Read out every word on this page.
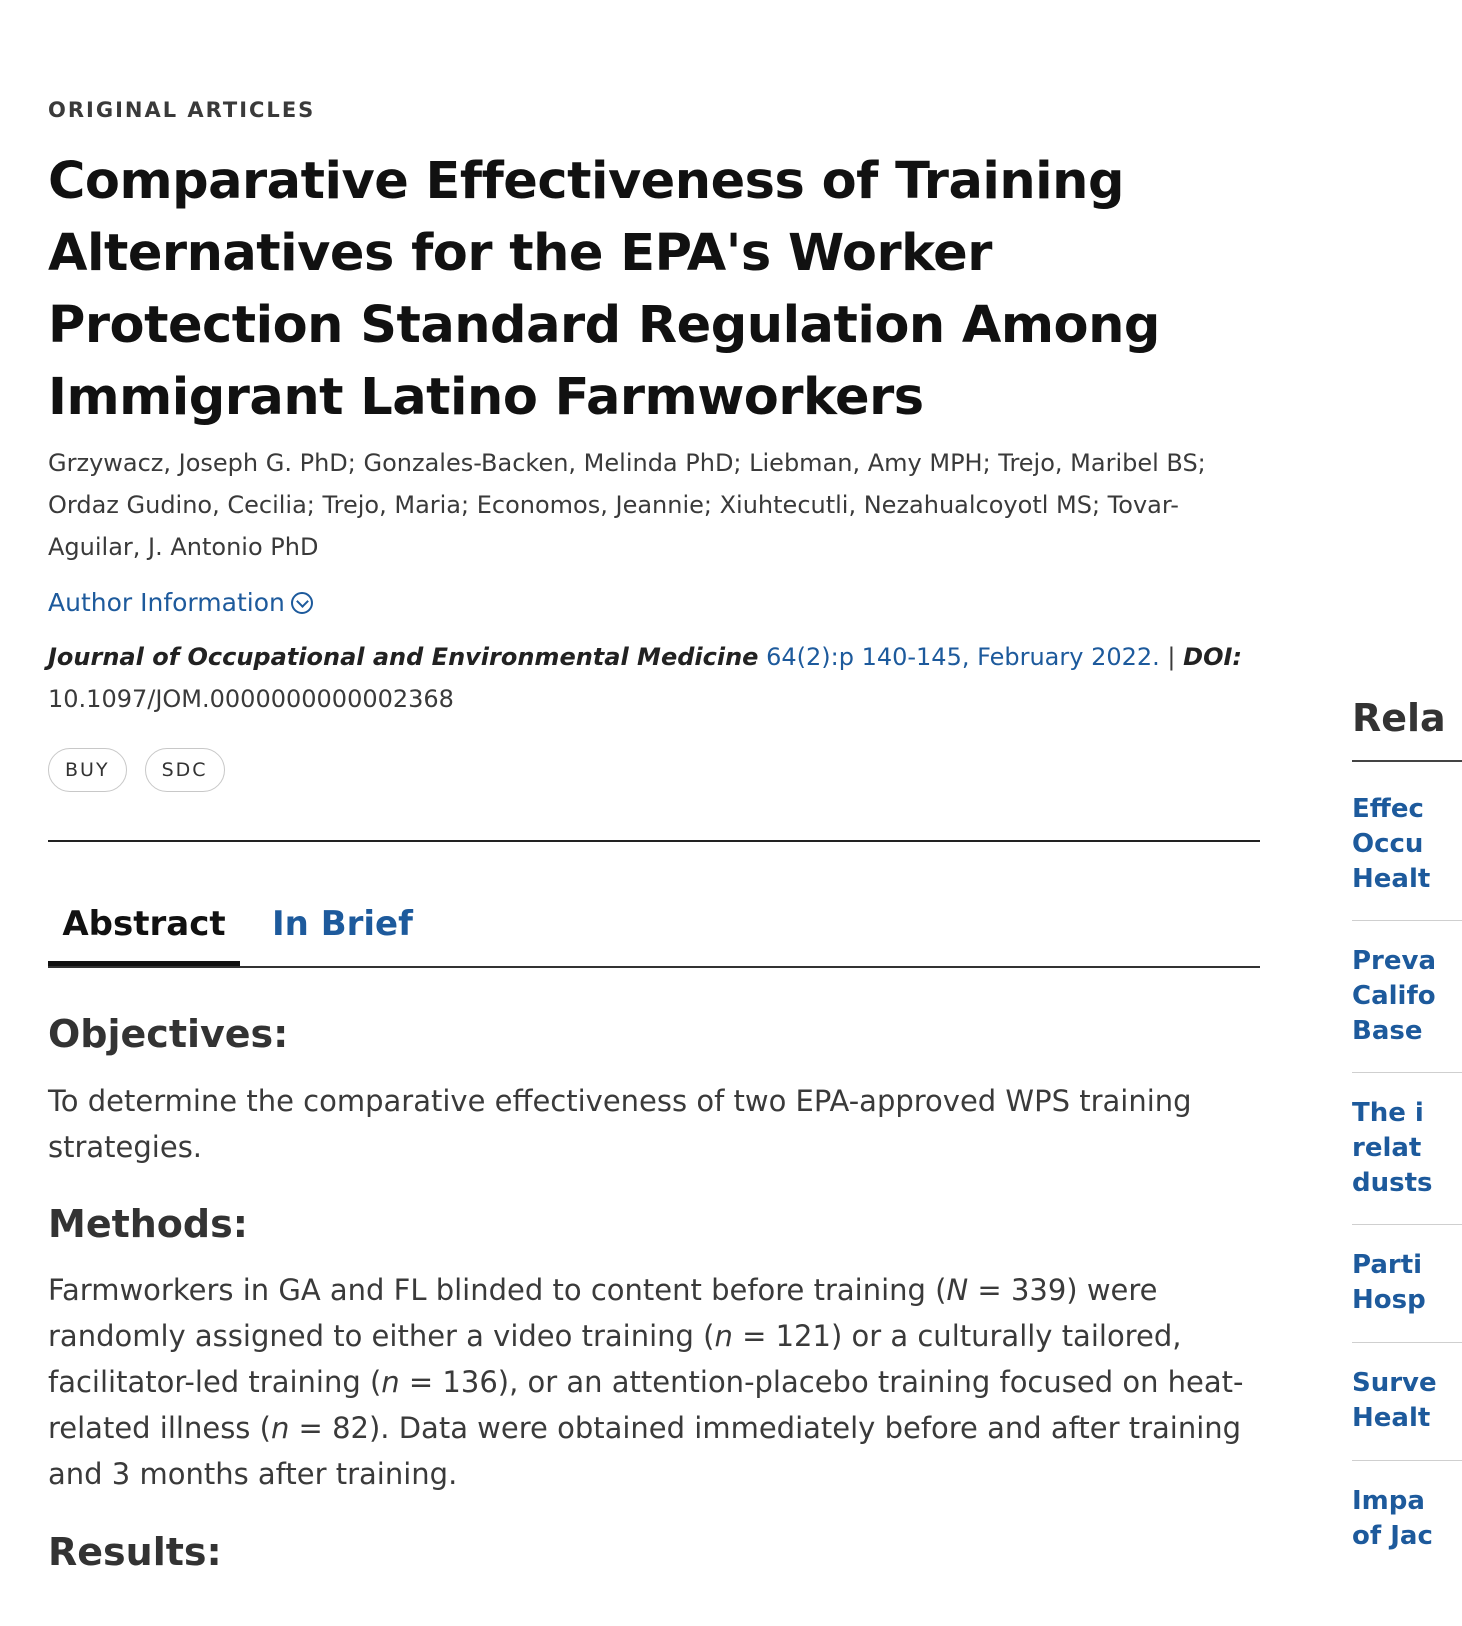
ORIGINAL ARTICLES
Comparative Effectiveness of Training Alternatives for the EPA's Worker Protection Standard Regulation Among Immigrant Latino Farmworkers
Grzywacz, Joseph G. PhD; Gonzales-Backen, Melinda PhD; Liebman, Amy MPH; Trejo, Maribel BS; Ordaz Gudino, Cecilia; Trejo, Maria; Economos, Jeannie; Xiuhtecutli, Nezahualcoyotl MS; Tovar-Aguilar, J. Antonio PhD
Author Information
Journal of Occupational and Environmental Medicine 64(2):p 140-145, February 2022. | DOI:
10.1097/JOM.0000000000002368
BUY	SDC
Abstract	In Brief
Objectives:

To determine the comparative effectiveness of two EPA-approved WPS training strategies.

Methods:

Farmworkers in GA and FL blinded to content before training (N = 339) were randomly assigned to either a video training (n = 121) or a culturally tailored, facilitator-led training (n = 136), or an attention-placebo training focused on heat-related illness (n = 82). Data were obtained immediately before and after training and 3 months after training.

Results:
Rela
Effec
Occu
Healt
Preva
Califo
Base
The i
relat
dusts
Parti
Hosp
Surve
Healt
Impa
of Jac
